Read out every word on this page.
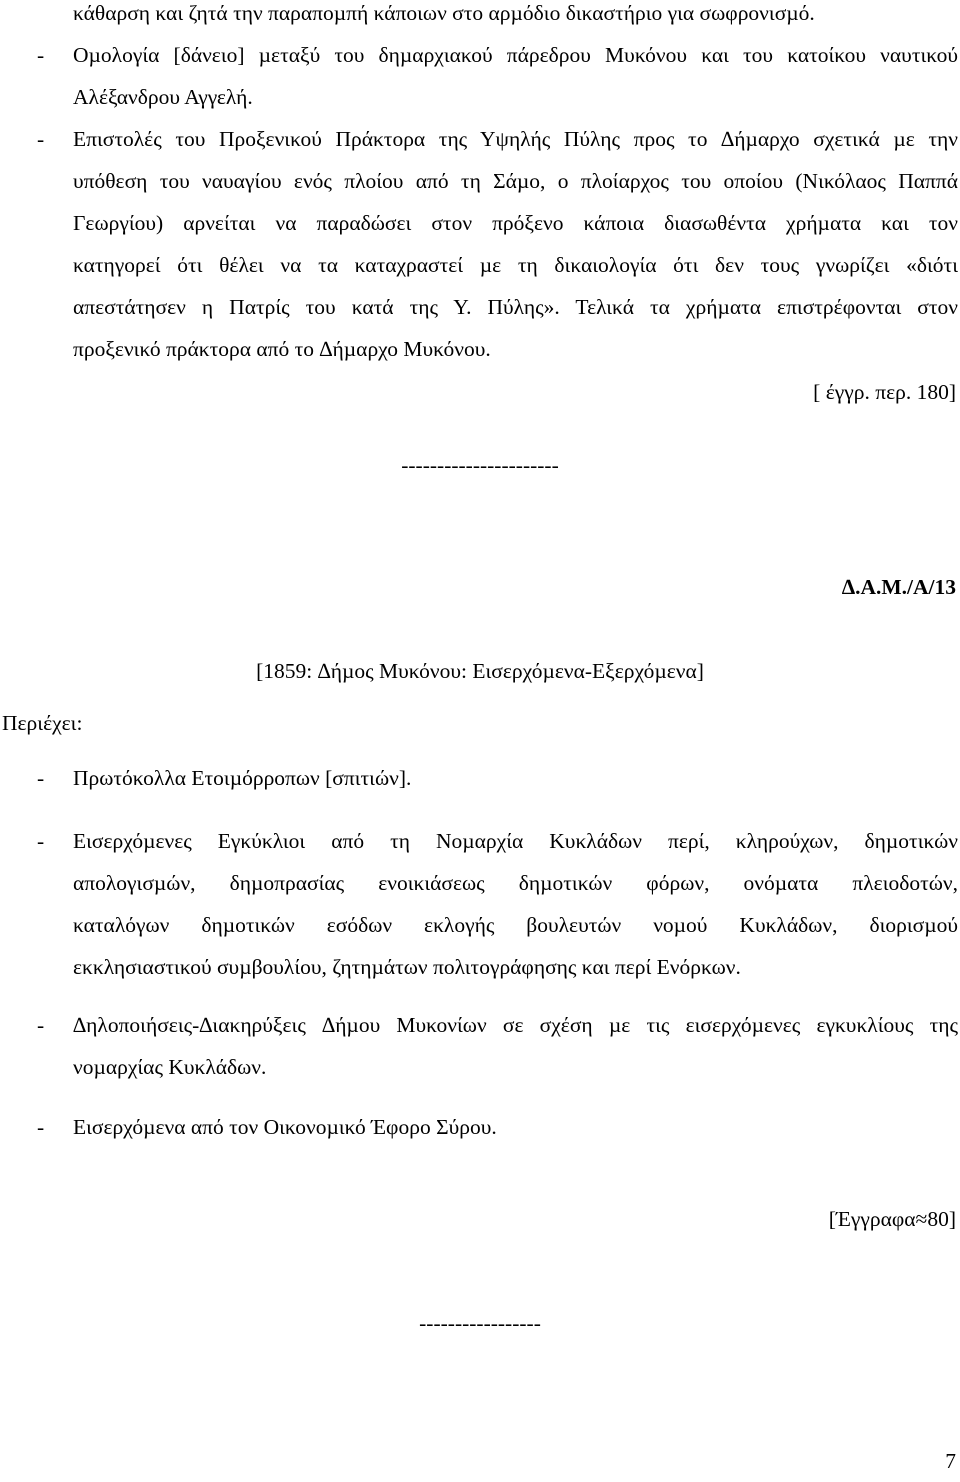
κάθαρση και ζητά την παραποµπή κάποιων στο αρµόδιο δικαστήριο για σωφρονισµό.
-	Οµολογία [δάνειο] µεταξύ του δηµαρχιακού πάρεδρου Μυκόνου και του κατοίκου ναυτικού
Αλέξανδρου Αγγελή.
-	Επιστολές του Προξενικού Πράκτορα της Υψηλής Πύλης προς το ∆ήµαρχο σχετικά µε την
υπόθεση του ναυαγίου ενός πλοίου από τη Σάµο, ο πλοίαρχος του οποίου (Νικόλαος Παππά
Γεωργίου) αρνείται να παραδώσει στον πρόξενο κάποια διασωθέντα χρήµατα και τον
κατηγορεί ότι θέλει να τα καταχραστεί µε τη δικαιολογία ότι δεν τους γνωρίζει «διότι
απεστάτησεν η Πατρίς του κατά της Υ. Πύλης». Τελικά τα χρήµατα επιστρέφονται στον
προξενικό πράκτορα από το ∆ήµαρχο Μυκόνου.
[ έγγρ. περ. 180]
----------------------
∆.Α.Μ./Α/13
[1859: ∆ήµος Μυκόνου: Εισερχόµενα-Εξερχόµενα]
Περιέχει:
-	Πρωτόκολλα Ετοιµόρροπων [σπιτιών].
-	Εισερχόµενες Εγκύκλιοι από τη Νοµαρχία Κυκλάδων περί, κληρούχων, δηµοτικών
απολογισµών, δηµοπρασίας ενοικιάσεως δηµοτικών φόρων, ονόµατα πλειοδοτών,
καταλόγων δηµοτικών εσόδων εκλογής βουλευτών νοµού Κυκλάδων, διορισµού
εκκλησιαστικού συµβουλίου, ζητηµάτων πολιτογράφησης και περί Ενόρκων.
-	∆ηλοποιήσεις-∆ιακηρύξεις ∆ήµου Μυκονίων σε σχέση µε τις εισερχόµενες εγκυκλίους της
νοµαρχίας Κυκλάδων.
-	Εισερχόµενα από τον Οικονοµικό Έφορο Σύρου.
[Έγγραφα≈80]
-----------------
7
